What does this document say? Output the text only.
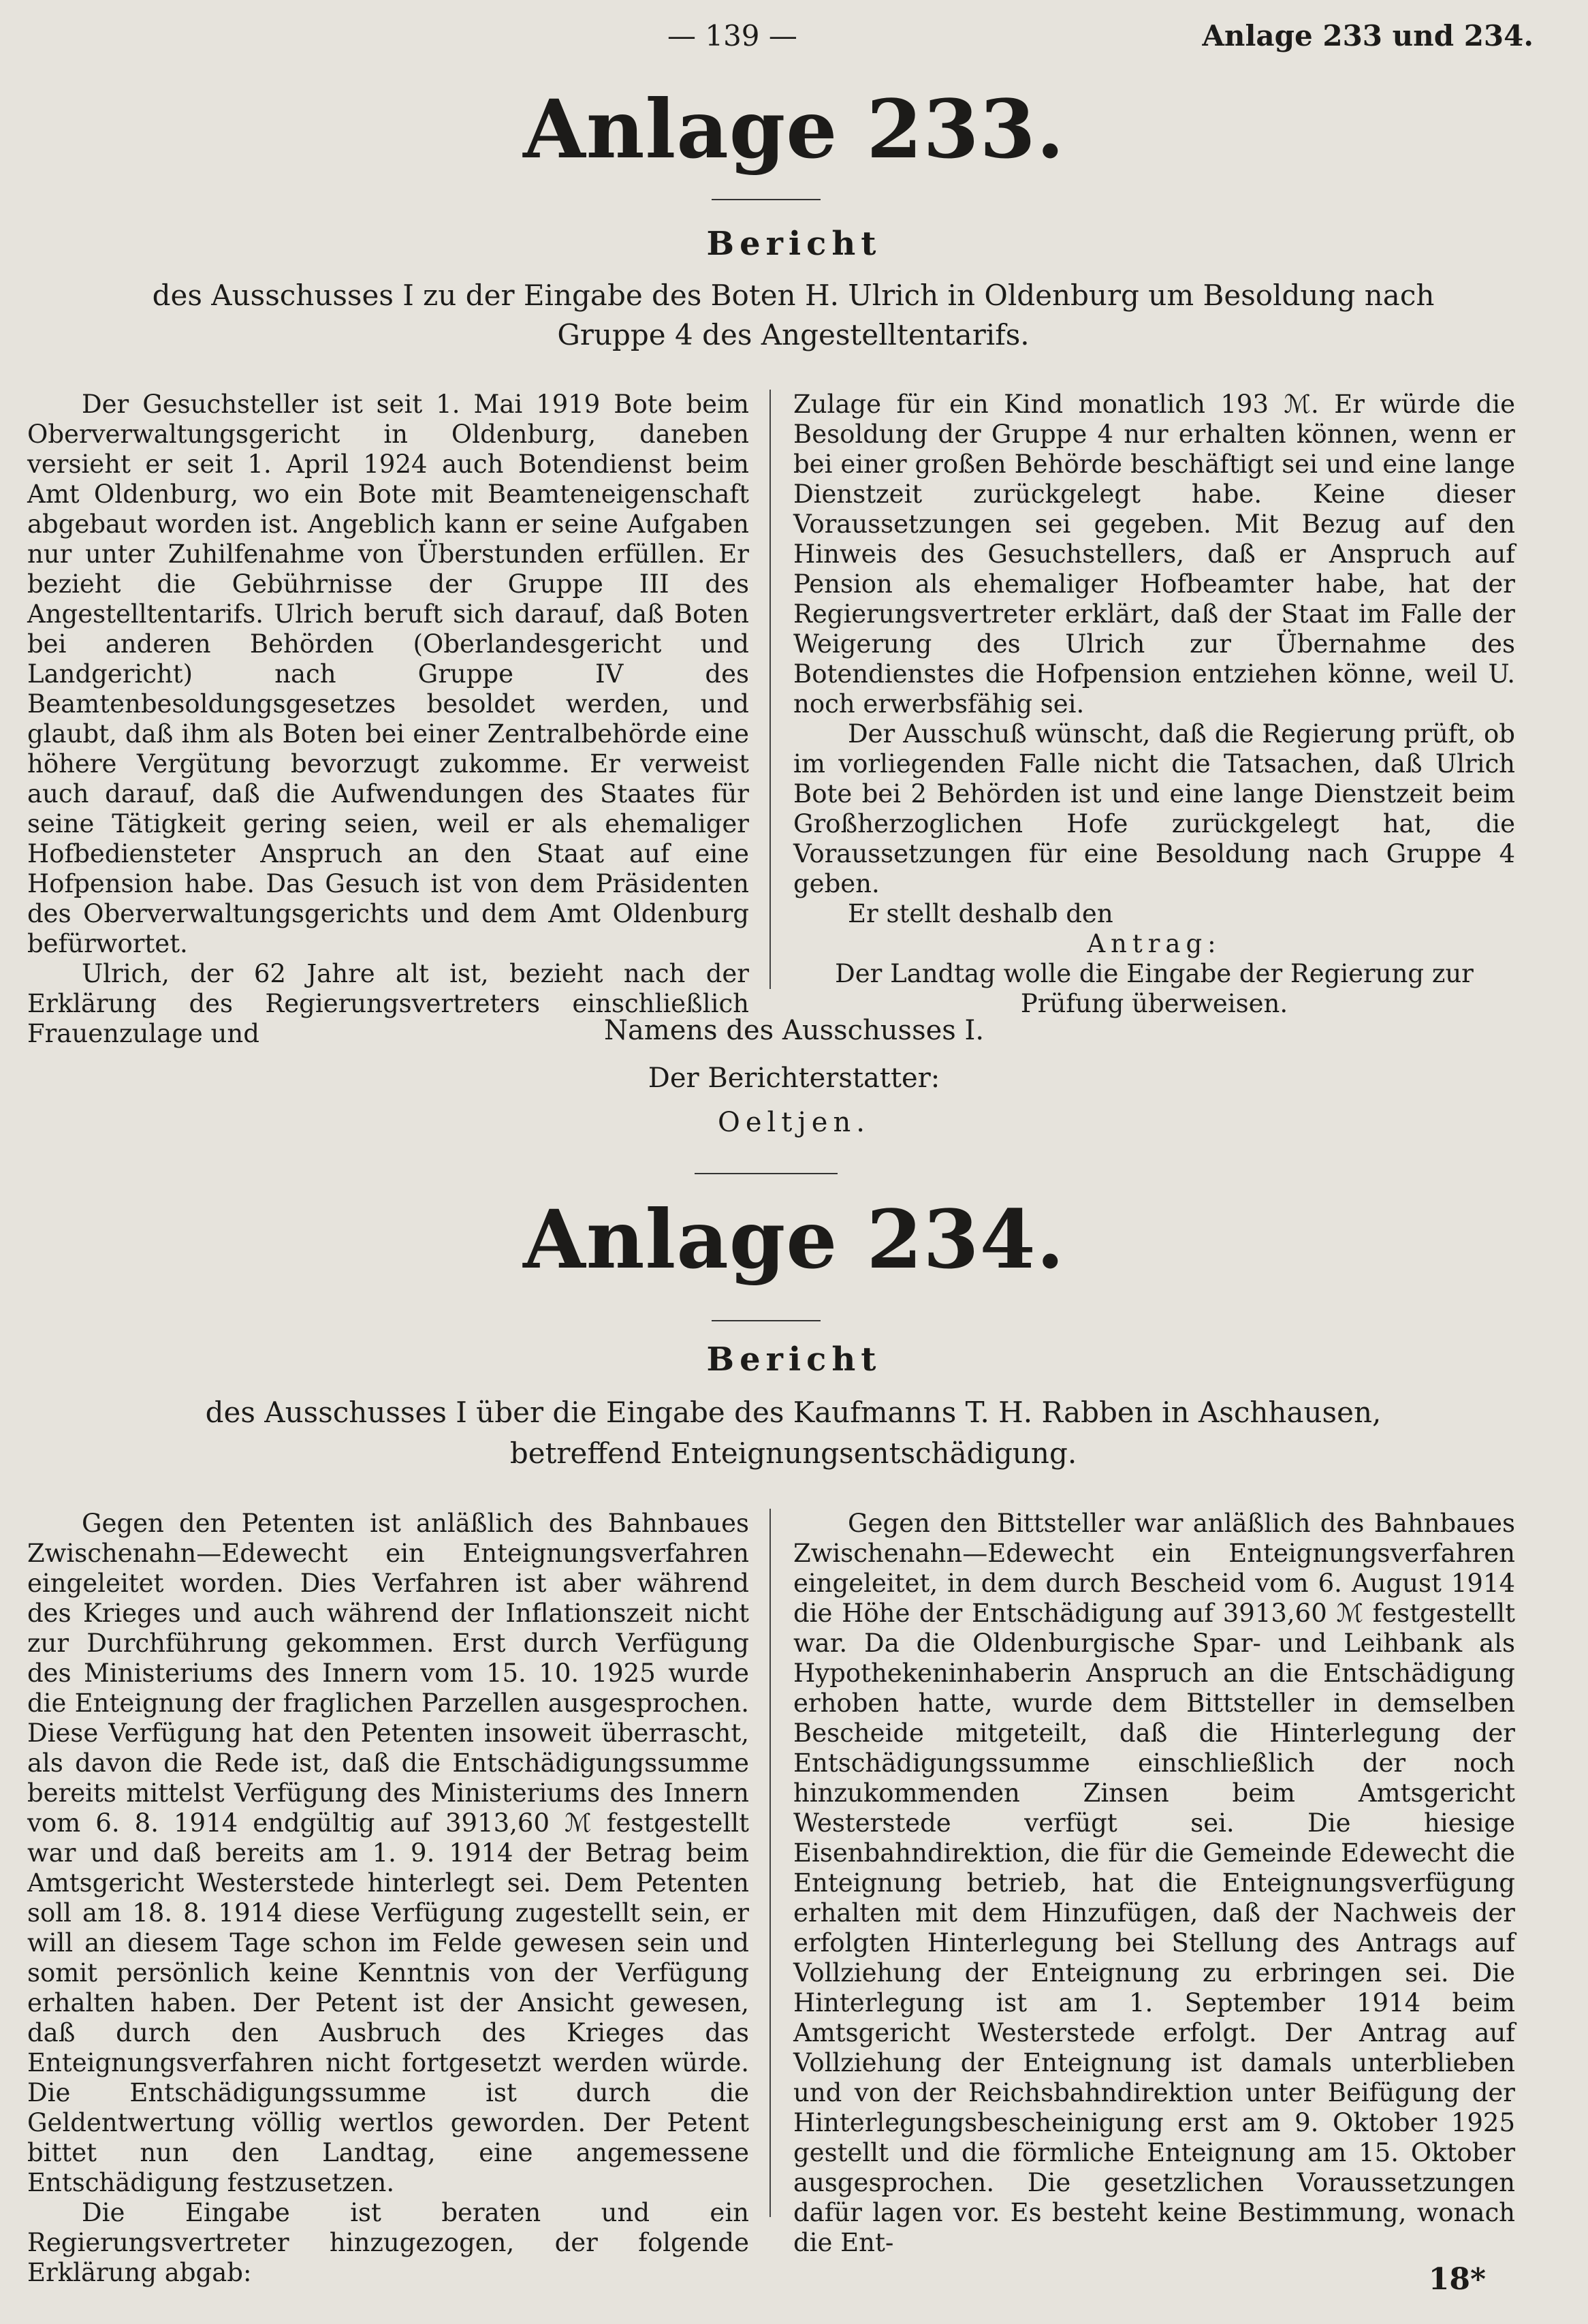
— 139 —	Anlage 233 und 234.
Anlage 233.
Bericht
des Ausschusses I zu der Eingabe des Boten H. Ulrich in Oldenburg um Besoldung nach Gruppe 4 des Angestelltentarifs.

Der Gesuchsteller ist seit 1. Mai 1919 Bote beim Oberverwaltungsgericht in Oldenburg, daneben versieht er seit 1. April 1924 auch Botendienst beim Amt Oldenburg, wo ein Bote mit Beamteneigenschaft abgebaut worden ist. Angeblich kann er seine Aufgaben nur unter Zuhilfenahme von Überstunden erfüllen. Er bezieht die Gebührnisse der Gruppe III des Angestelltentarifs. Ulrich beruft sich darauf, daß Boten bei anderen Behörden (Oberlandesgericht und Landgericht) nach Gruppe IV des Beamtenbesoldungsgesetzes besoldet werden, und glaubt, daß ihm als Boten bei einer Zentralbehörde eine höhere Vergütung bevorzugt zukomme. Er verweist auch darauf, daß die Aufwendungen des Staates für seine Tätigkeit gering seien, weil er als ehemaliger Hofbediensteter Anspruch an den Staat auf eine Hofpension habe. Das Gesuch ist von dem Präsidenten des Oberverwaltungsgerichts und dem Amt Oldenburg befürwortet.

Ulrich, der 62 Jahre alt ist, bezieht nach der Erklärung des Regierungsvertreters einschließlich Frauenzulage und

Zulage für ein Kind monatlich 193 ℳ. Er würde die Besoldung der Gruppe 4 nur erhalten können, wenn er bei einer großen Behörde beschäftigt sei und eine lange Dienstzeit zurückgelegt habe. Keine dieser Voraussetzungen sei gegeben. Mit Bezug auf den Hinweis des Gesuchstellers, daß er Anspruch auf Pension als ehemaliger Hofbeamter habe, hat der Regierungsvertreter erklärt, daß der Staat im Falle der Weigerung des Ulrich zur Übernahme des Botendienstes die Hofpension entziehen könne, weil U. noch erwerbsfähig sei.

Der Ausschuß wünscht, daß die Regierung prüft, ob im vorliegenden Falle nicht die Tatsachen, daß Ulrich Bote bei 2 Behörden ist und eine lange Dienstzeit beim Großherzoglichen Hofe zurückgelegt hat, die Voraussetzungen für eine Besoldung nach Gruppe 4 geben.

Er stellt deshalb den

Antrag:

Der Landtag wolle die Eingabe der Regierung zur Prüfung überweisen.

Namens des Ausschusses I.
Der Berichterstatter:
Oeltjen.
Anlage 234.
Bericht
des Ausschusses I über die Eingabe des Kaufmanns T. H. Rabben in Aschhausen,
betreffend Enteignungsentschädigung.

Gegen den Petenten ist anläßlich des Bahnbaues Zwischenahn—Edewecht ein Enteignungsverfahren eingeleitet worden. Dies Verfahren ist aber während des Krieges und auch während der Inflationszeit nicht zur Durchführung gekommen. Erst durch Verfügung des Ministeriums des Innern vom 15. 10. 1925 wurde die Enteignung der fraglichen Parzellen ausgesprochen. Diese Verfügung hat den Petenten insoweit überrascht, als davon die Rede ist, daß die Entschädigungssumme bereits mittelst Verfügung des Ministeriums des Innern vom 6. 8. 1914 endgültig auf 3913,60 ℳ festgestellt war und daß bereits am 1. 9. 1914 der Betrag beim Amtsgericht Westerstede hinterlegt sei. Dem Petenten soll am 18. 8. 1914 diese Verfügung zugestellt sein, er will an diesem Tage schon im Felde gewesen sein und somit persönlich keine Kenntnis von der Verfügung erhalten haben. Der Petent ist der Ansicht gewesen, daß durch den Ausbruch des Krieges das Enteignungsverfahren nicht fortgesetzt werden würde. Die Entschädigungssumme ist durch die Geldentwertung völlig wertlos geworden. Der Petent bittet nun den Landtag, eine angemessene Entschädigung festzusetzen.

Die Eingabe ist beraten und ein Regierungsvertreter hinzugezogen, der folgende Erklärung abgab:

Gegen den Bittsteller war anläßlich des Bahnbaues Zwischenahn—Edewecht ein Enteignungsverfahren eingeleitet, in dem durch Bescheid vom 6. August 1914 die Höhe der Entschädigung auf 3913,60 ℳ festgestellt war. Da die Oldenburgische Spar- und Leihbank als Hypothekeninhaberin Anspruch an die Entschädigung erhoben hatte, wurde dem Bittsteller in demselben Bescheide mitgeteilt, daß die Hinterlegung der Entschädigungssumme einschließlich der noch hinzukommenden Zinsen beim Amtsgericht Westerstede verfügt sei. Die hiesige Eisenbahndirektion, die für die Gemeinde Edewecht die Enteignung betrieb, hat die Enteignungsverfügung erhalten mit dem Hinzufügen, daß der Nachweis der erfolgten Hinterlegung bei Stellung des Antrags auf Vollziehung der Enteignung zu erbringen sei. Die Hinterlegung ist am 1. September 1914 beim Amtsgericht Westerstede erfolgt. Der Antrag auf Vollziehung der Enteignung ist damals unterblieben und von der Reichsbahndirektion unter Beifügung der Hinterlegungsbescheinigung erst am 9. Oktober 1925 gestellt und die förmliche Enteignung am 15. Oktober ausgesprochen. Die gesetzlichen Voraussetzungen dafür lagen vor. Es besteht keine Bestimmung, wonach die Ent-

18*
